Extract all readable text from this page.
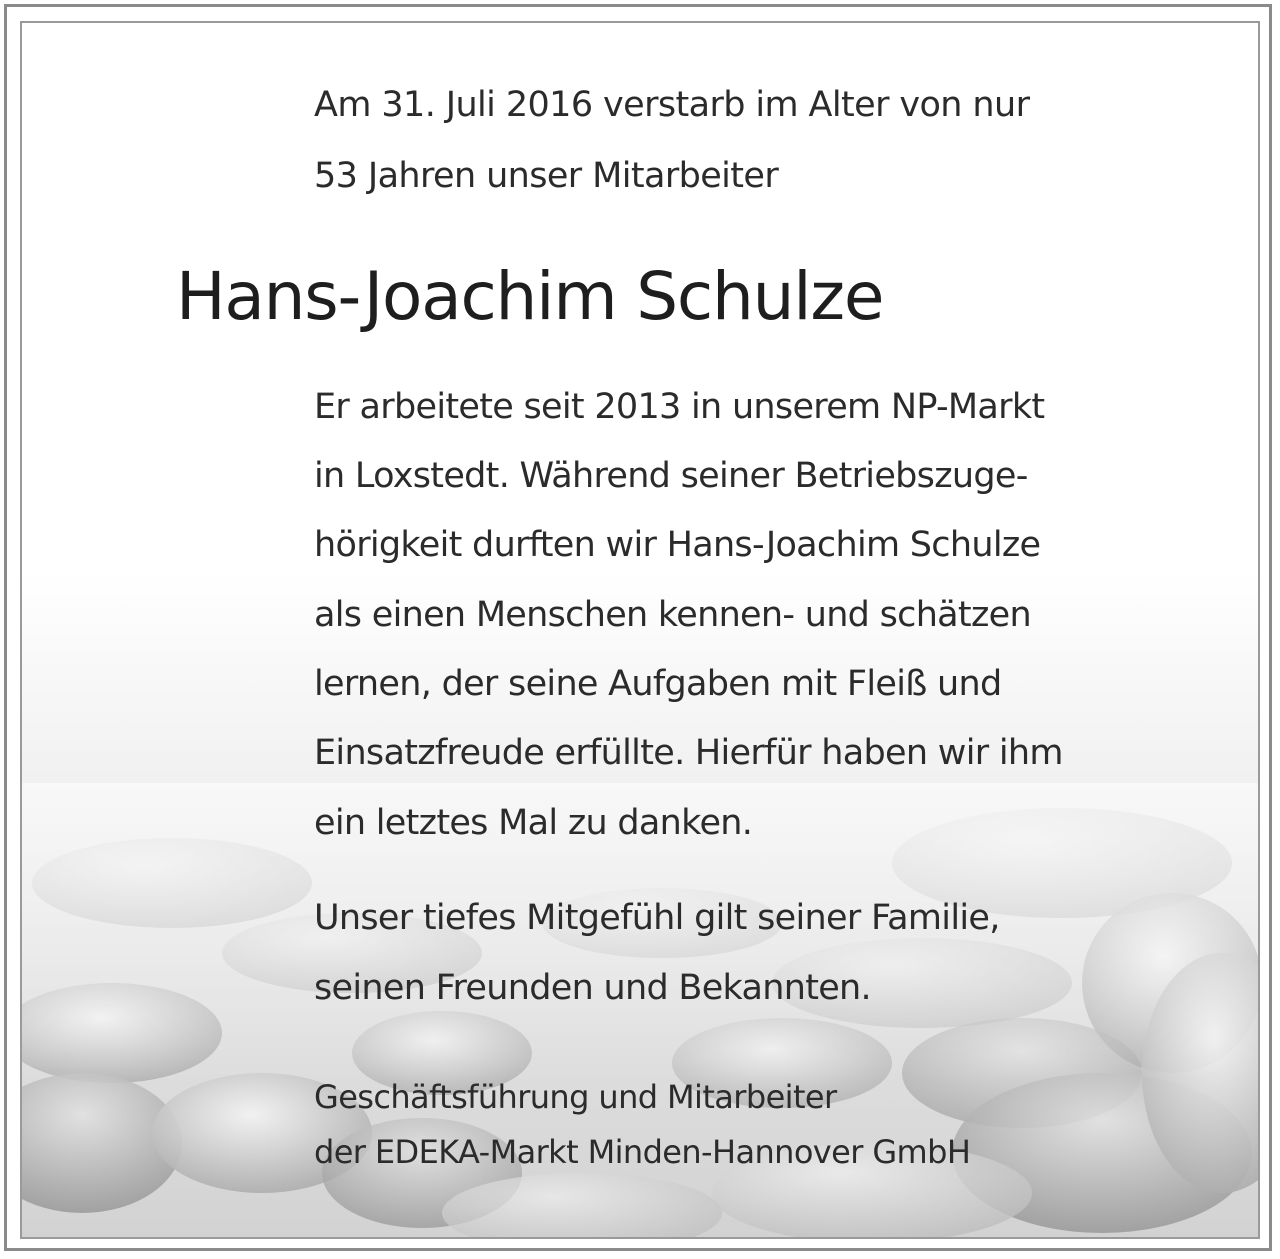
Am 31. Juli 2016 verstarb im Alter von nur
53 Jahren unser Mitarbeiter
Hans-Joachim Schulze
Er arbeitete seit 2013 in unserem NP-Markt
in Loxstedt. Während seiner Betriebszuge-
hörigkeit durften wir Hans-Joachim Schulze
als einen Menschen kennen- und schätzen
lernen, der seine Aufgaben mit Fleiß und
Einsatzfreude erfüllte. Hierfür haben wir ihm
ein letztes Mal zu danken.
Unser tiefes Mitgefühl gilt seiner Familie,
seinen Freunden und Bekannten.
Geschäftsführung und Mitarbeiter
der EDEKA-Markt Minden-Hannover GmbH
